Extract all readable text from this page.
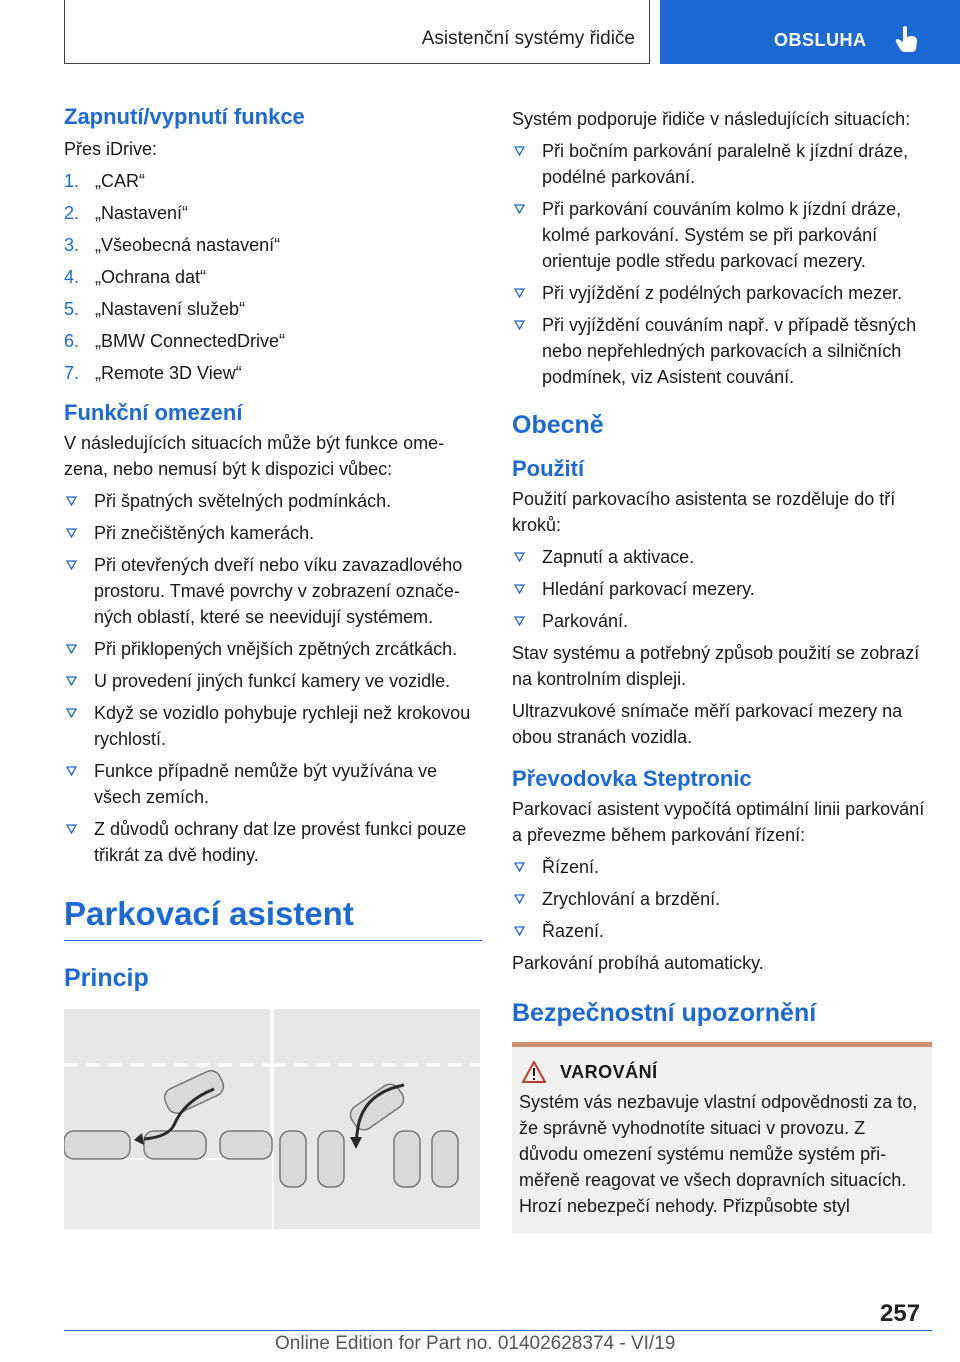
Asistenční systémy řidiče	OBSLUHA
Zapnutí/vypnutí funkce
Přes iDrive:
1. „CAR“
2. „Nastavení“
3. „Všeobecná nastavení“
4. „Ochrana dat“
5. „Nastavení služeb“
6. „BMW ConnectedDrive“
7. „Remote 3D View“
Funkční omezení
V následujících situacích může být funkce omezena, nebo nemusí být k dispozici vůbec:
Při špatných světelných podmínkách.
Při znečištěných kamerách.
Při otevřených dveří nebo víku zavazadlového prostoru. Tmavé povrchy v zobrazení označených oblastí, které se neevidují systémem.
Při přiklopených vnějších zpětných zrcátkách.
U provedení jiných funkcí kamery ve vozidle.
Když se vozidlo pohybuje rychleji než krokovou rychlostí.
Funkce případně nemůže být využívána ve všech zemích.
Z důvodů ochrany dat lze provést funkci pouze třikrát za dvě hodiny.
Parkovací asistent
Princip
Systém podporuje řidiče v následujících situacích:
Při bočním parkování paralelně k jízdní dráze, podélné parkování.
Při parkování couváním kolmo k jízdní dráze, kolmé parkování. Systém se při parkování orientuje podle středu parkovací mezery.
Při vyjíždění z podélných parkovacích mezer.
Při vyjíždění couváním např. v případě těsných nebo nepřehledných parkovacích a silničních podmínek, viz Asistent couvání.
Obecně
Použití
Použití parkovacího asistenta se rozděluje do tří kroků:
Zapnutí a aktivace.
Hledání parkovací mezery.
Parkování.
Stav systému a potřebný způsob použití se zobrazí na kontrolním displeji.
Ultrazvukové snímače měří parkovací mezery na obou stranách vozidla.
Převodovka Steptronic
Parkovací asistent vypočítá optimální linii parkování a převezme během parkování řízení:
Řízení.
Zrychlování a brzdění.
Řazení.
Parkování probíhá automaticky.
Bezpečnostní upozornění
VAROVÁNÍ
Systém vás nezbavuje vlastní odpovědnosti za to, že správně vyhodnotíte situaci v provozu. Z důvodu omezení systému nemůže systém přiměřeně reagovat ve všech dopravních situacích. Hrozí nebezpečí nehody. Přizpůsobte styl
257
Online Edition for Part no. 01402628374 - VI/19
